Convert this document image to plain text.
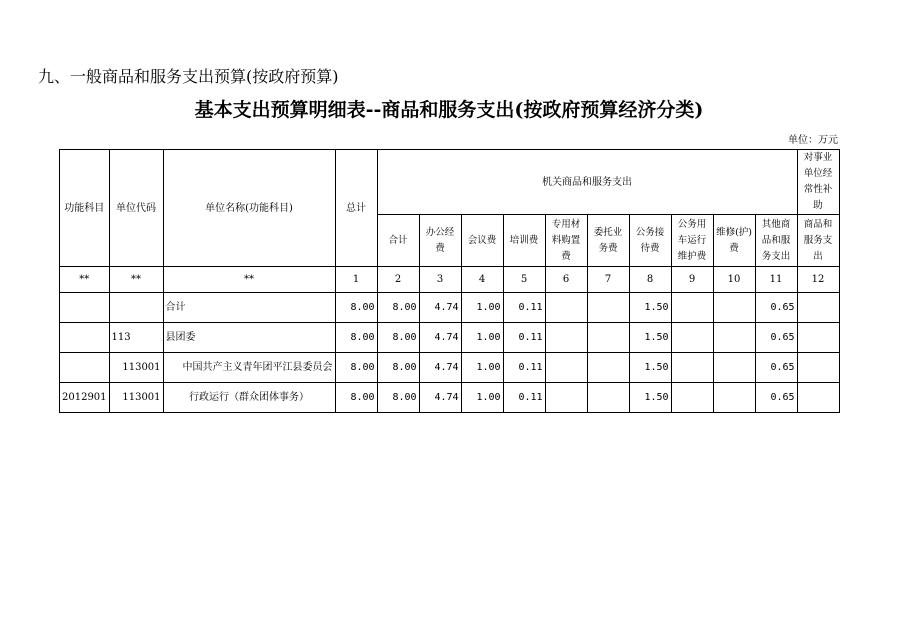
九、一般商品和服务支出预算(按政府预算)
基本支出预算明细表--商品和服务支出(按政府预算经济分类)
单位：万元
功能科目	单位代码	单位名称(功能科目)	总计	机关商品和服务支出										对事业单位经常性补助
				合计	办公经费	会议费	培训费	专用材料购置费	委托业务费	公务接待费	公务用车运行维护费	维修(护)费	其他商品和服务支出	商品和服务支出
**	**	**	1	2	3	4	5	6	7	8	9	10	11	12
		合计	8.00	8.00	4.74	1.00	0.11			1.50			0.65	
	113	县团委	8.00	8.00	4.74	1.00	0.11			1.50			0.65	
	113001	中国共产主义青年团平江县委员会	8.00	8.00	4.74	1.00	0.11			1.50			0.65	
2012901	113001	行政运行（群众团体事务）	8.00	8.00	4.74	1.00	0.11			1.50			0.65	
